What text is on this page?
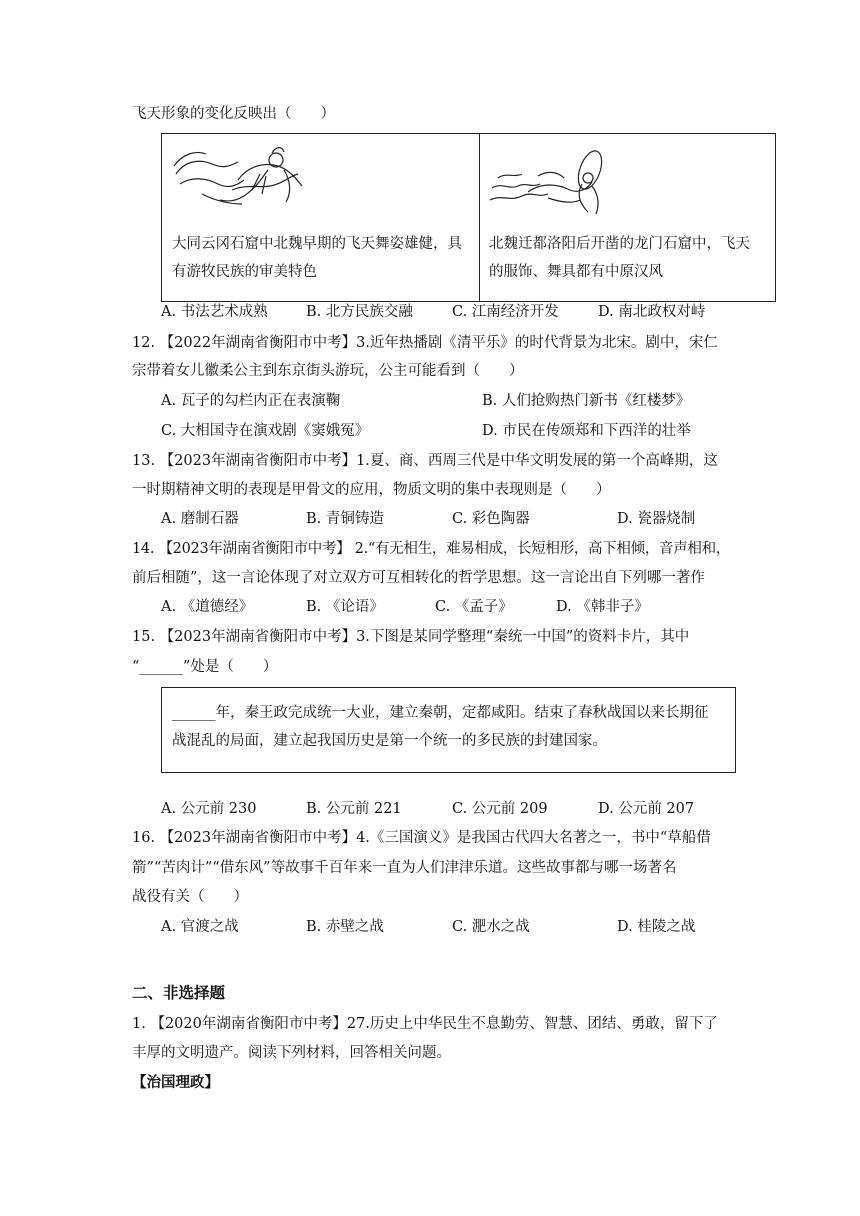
飞天形象的变化反映出（　　）
大同云冈石窟中北魏早期的飞天舞姿雄健，具
有游牧民族的审美特色
北魏迁都洛阳后开凿的龙门石窟中，飞天
的服饰、舞具都有中原汉风
A. 书法艺术成熟	B. 北方民族交融	C. 江南经济开发	D. 南北政权对峙
12. 【2022年湖南省衡阳市中考】3.近年热播剧《清平乐》的时代背景为北宋。剧中，宋仁
宗带着女儿徽柔公主到东京街头游玩，公主可能看到（　　）
A. 瓦子的勾栏内正在表演鞠	B. 人们抢购热门新书《红楼梦》
C. 大相国寺在演戏剧《窦娥冤》	D. 市民在传颂郑和下西洋的壮举
13. 【2023年湖南省衡阳市中考】1.夏、商、西周三代是中华文明发展的第一个高峰期，这
一时期精神文明的表现是甲骨文的应用，物质文明的集中表现则是（　　）
A. 磨制石器	B. 青铜铸造	C. 彩色陶器	D. 瓷器烧制
14. 【2023年湖南省衡阳市中考】 2.“有无相生，难易相成，长短相形，高下相倾，音声相和，
前后相随”，这一言论体现了对立双方可互相转化的哲学思想。这一言论出自下列哪一著作
A. 《道德经》	B. 《论语》	C. 《孟子》	D. 《韩非子》
15. 【2023年湖南省衡阳市中考】3.下图是某同学整理“秦统一中国”的资料卡片，其中
“______”处是（　　）
______年，秦王政完成统一大业，建立秦朝，定都咸阳。结束了春秋战国以来长期征
战混乱的局面，建立起我国历史是第一个统一的多民族的封建国家。
A. 公元前 230	B. 公元前 221	C. 公元前 209	D. 公元前 207
16. 【2023年湖南省衡阳市中考】4.《三国演义》是我国古代四大名著之一，书中“草船借
箭”“苦肉计”“借东风”等故事千百年来一直为人们津津乐道。这些故事都与哪一场著名
战役有关（　　）
A. 官渡之战	B. 赤壁之战	C. 淝水之战	D. 桂陵之战
二、非选择题
1. 【2020年湖南省衡阳市中考】27.历史上中华民生不息勤劳、智慧、团结、勇敢，留下了
丰厚的文明遗产。阅读下列材料，回答相关问题。
【治国理政】
